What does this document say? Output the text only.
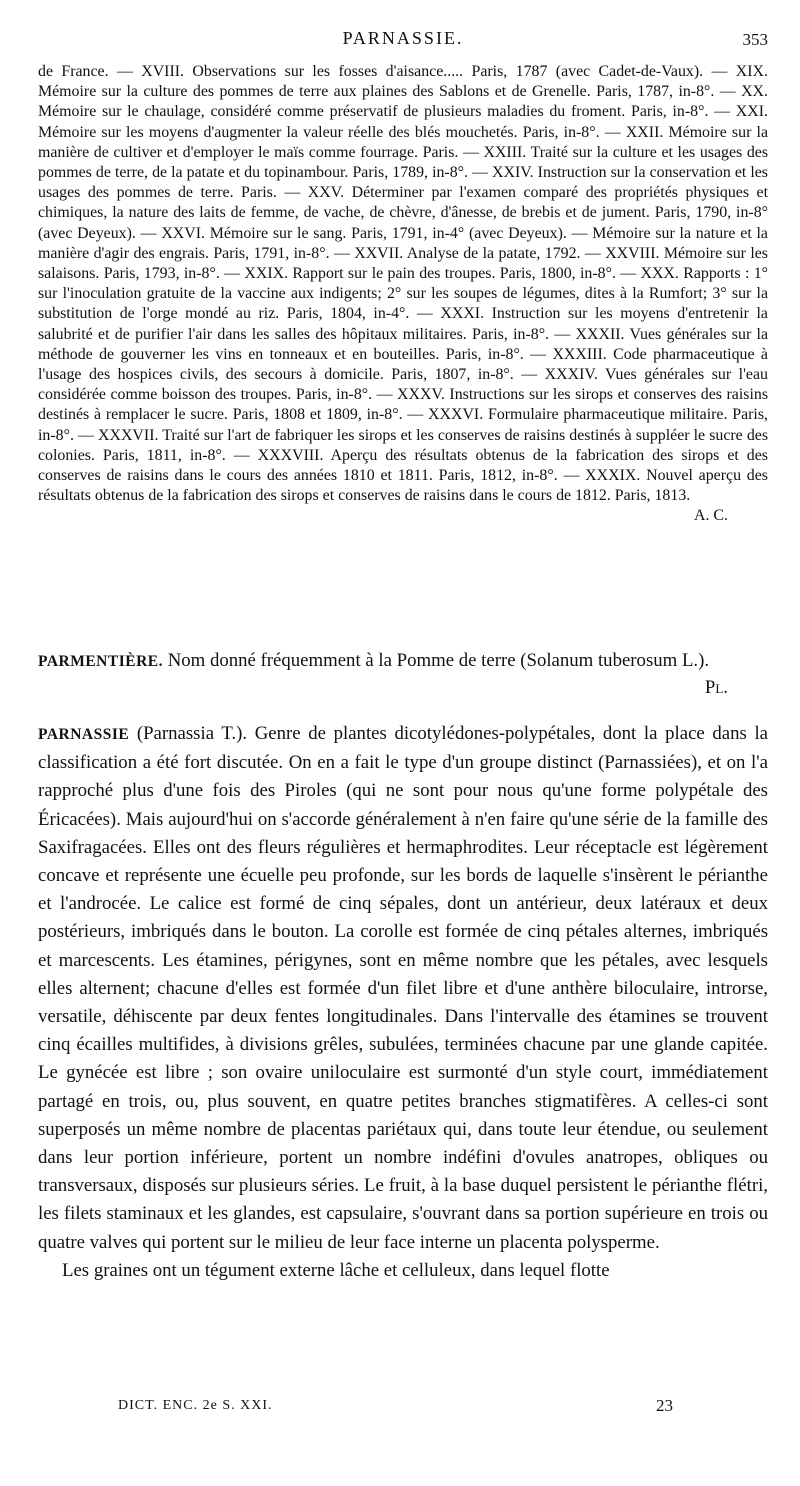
PARNASSIE.	353
de France. — XVIII. Observations sur les fosses d'aisance..... Paris, 1787 (avec Cadet-de-Vaux). — XIX. Mémoire sur la culture des pommes de terre aux plaines des Sablons et de Grenelle. Paris, 1787, in-8°. — XX. Mémoire sur le chaulage, considéré comme préservatif de plusieurs maladies du froment. Paris, in-8°. — XXI. Mémoire sur les moyens d'augmenter la valeur réelle des blés mouchetés. Paris, in-8°. — XXII. Mémoire sur la manière de cultiver et d'employer le maïs comme fourrage. Paris. — XXIII. Traité sur la culture et les usages des pommes de terre, de la patate et du topinambour. Paris, 1789, in-8°. — XXIV. Instruction sur la conservation et les usages des pommes de terre. Paris. — XXV. Déterminer par l'examen comparé des propriétés physiques et chimiques, la nature des laits de femme, de vache, de chèvre, d'ânesse, de brebis et de jument. Paris, 1790, in-8° (avec Deyeux). — XXVI. Mémoire sur le sang. Paris, 1791, in-4° (avec Deyeux). — Mémoire sur la nature et la manière d'agir des engrais. Paris, 1791, in-8°. — XXVII. Analyse de la patate, 1792. — XXVIII. Mémoire sur les salaisons. Paris, 1793, in-8°. — XXIX. Rapport sur le pain des troupes. Paris, 1800, in-8°. — XXX. Rapports : 1° sur l'inoculation gratuite de la vaccine aux indigents; 2° sur les soupes de légumes, dites à la Rumfort; 3° sur la substitution de l'orge mondé au riz. Paris, 1804, in-4°. — XXXI. Instruction sur les moyens d'entretenir la salubrité et de purifier l'air dans les salles des hôpitaux militaires. Paris, in-8°. — XXXII. Vues générales sur la méthode de gouverner les vins en tonneaux et en bouteilles. Paris, in-8°. — XXXIII. Code pharmaceutique à l'usage des hospices civils, des secours à domicile. Paris, 1807, in-8°. — XXXIV. Vues générales sur l'eau considérée comme boisson des troupes. Paris, in-8°. — XXXV. Instructions sur les sirops et conserves des raisins destinés à remplacer le sucre. Paris, 1808 et 1809, in-8°. — XXXVI. Formulaire pharmaceutique militaire. Paris, in-8°. — XXXVII. Traité sur l'art de fabriquer les sirops et les conserves de raisins destinés à suppléer le sucre des colonies. Paris, 1811, in-8°. — XXXVIII. Aperçu des résultats obtenus de la fabrication des sirops et des conserves de raisins dans le cours des années 1810 et 1811. Paris, 1812, in-8°. — XXXIX. Nouvel aperçu des résultats obtenus de la fabrication des sirops et conserves de raisins dans le cours de 1812. Paris, 1813.
A. C.
PARMENTIÈRE. Nom donné fréquemment à la Pomme de terre (Solanum tuberosum L.).
Pl.

PARNASSIE (Parnassia T.). Genre de plantes dicotylédones-polypétales, dont la place dans la classification a été fort discutée. On en a fait le type d'un groupe distinct (Parnassiées), et on l'a rapproché plus d'une fois des Piroles (qui ne sont pour nous qu'une forme polypétale des Éricacées). Mais aujourd'hui on s'accorde généralement à n'en faire qu'une série de la famille des Saxifragacées. Elles ont des fleurs régulières et hermaphrodites. Leur réceptacle est légèrement concave et représente une écuelle peu profonde, sur les bords de laquelle s'insèrent le périanthe et l'androcée. Le calice est formé de cinq sépales, dont un antérieur, deux latéraux et deux postérieurs, imbriqués dans le bouton. La corolle est formée de cinq pétales alternes, imbriqués et marcescents. Les étamines, périgynes, sont en même nombre que les pétales, avec lesquels elles alternent; chacune d'elles est formée d'un filet libre et d'une anthère biloculaire, introrse, versatile, déhiscente par deux fentes longitudinales. Dans l'intervalle des étamines se trouvent cinq écailles multifides, à divisions grêles, subulées, terminées chacune par une glande capitée. Le gynécée est libre ; son ovaire uniloculaire est surmonté d'un style court, immédiatement partagé en trois, ou, plus souvent, en quatre petites branches stigmatifères. A celles-ci sont superposés un même nombre de placentas pariétaux qui, dans toute leur étendue, ou seulement dans leur portion inférieure, portent un nombre indéfini d'ovules anatropes, obliques ou transversaux, disposés sur plusieurs séries. Le fruit, à la base duquel persistent le périanthe flétri, les filets staminaux et les glandes, est capsulaire, s'ouvrant dans sa portion supérieure en trois ou quatre valves qui portent sur le milieu de leur face interne un placenta polysperme.

Les graines ont un tégument externe lâche et celluleux, dans lequel flotte

DICT. ENC. 2e S. XXI.	23
